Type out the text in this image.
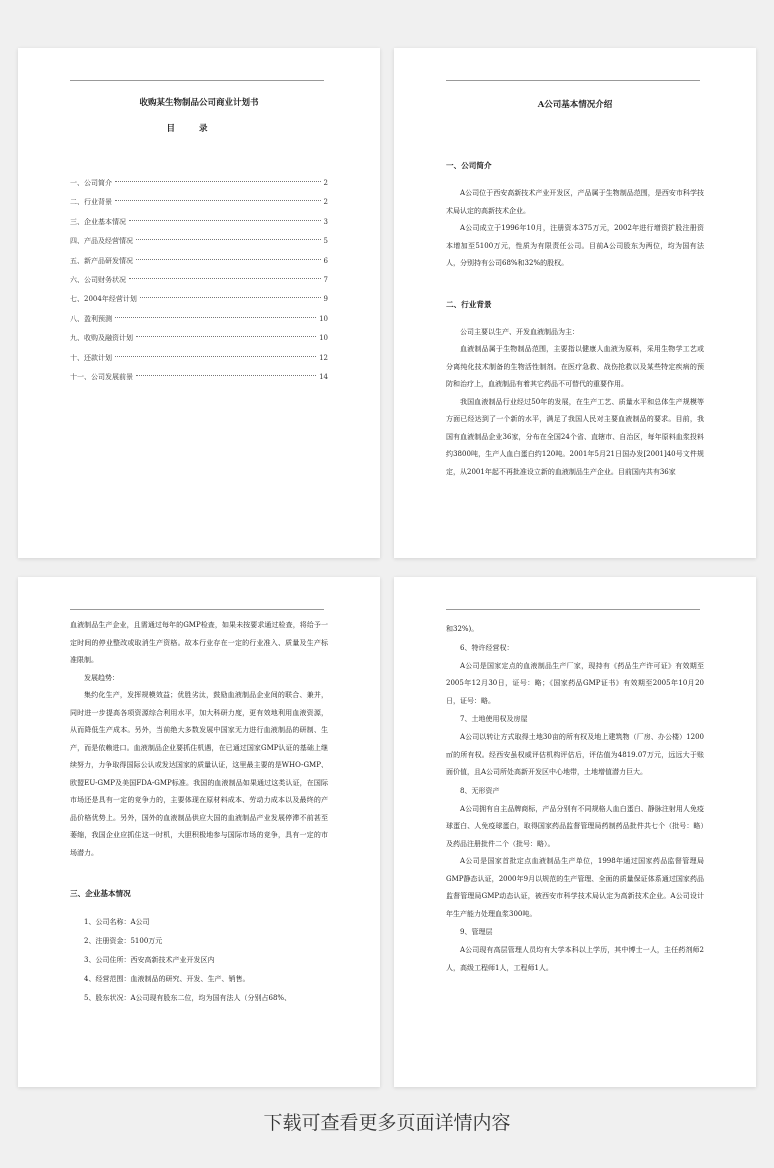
收购某生物制品公司商业计划书
目录
一、公司简介	2
二、行业背景	2
三、企业基本情况	3
四、产品及经营情况	5
五、新产品研发情况	6
六、公司财务状况	7
七、2004年经营计划	9
八、盈利预测	10
九、收购及融资计划	10
十、还款计划	12
十一、公司发展前景	14
A公司基本情况介绍
一、公司简介

A公司位于西安高新技术产业开发区，产品属于生物制品范围，是西安市科学技术局认定的高新技术企业。

A公司成立于1996年10月，注册资本375万元，2002年进行增资扩股注册资本增加至5100万元，性质为有限责任公司。目前A公司股东为两位，均为国有法人，分别持有公司68%和32%的股权。

二、行业背景

公司主要以生产、开发血液制品为主：

血液制品属于生物制品范围，主要指以健康人血液为原料，采用生物学工艺或分离纯化技术制备的生物活性制剂。在医疗急救、战伤抢救以及某些特定疾病的预防和治疗上，血液制品有着其它药品不可替代的重要作用。

我国血液制品行业经过50年的发展，在生产工艺、质量水平和总体生产规模等方面已经达到了一个新的水平，满足了我国人民对主要血液制品的要求。目前，我国有血液制品企业36家，分布在全国24个省、直辖市、自治区，每年原料血浆投料约3800吨，生产人血白蛋白约120吨。2001年5月21日国办发[2001]40号文件规定，从2001年起不再批准设立新的血液制品生产企业。目前国内共有36家

血液制品生产企业，且需通过每年的GMP检查，如果未按要求通过检查，将给予一定时间的停业整改或取消生产资格。故本行业存在一定的行业准入、质量及生产标准限制。

发展趋势：

集约化生产，发挥规模效益；优胜劣汰，鼓励血液制品企业间的联合、兼并，同时进一步提高各项资源综合利用水平，加大科研力度，更有效地利用血液资源，从而降低生产成本。另外，当前绝大多数发展中国家无力进行血液制品的研制、生产，而是依赖进口。血液制品企业要抓住机遇，在已通过国家GMP认证的基础上继续努力，力争取得国际公认或发达国家的质量认证，这里最主要的是WHO-GMP、欧盟EU-GMP及美国FDA-GMP标准。我国的血液制品如果通过这类认证，在国际市场还是具有一定的竞争力的，主要体现在原材料成本、劳动力成本以及最终的产品价格优势上。另外，国外的血液制品供应大国的血液制品产业发展停滞不前甚至萎缩，我国企业应抓住这一时机，大胆积极地参与国际市场的竞争，具有一定的市场潜力。

三、企业基本情况

1、公司名称：A公司

2、注册资金：5100万元

3、公司住所：西安高新技术产业开发区内

4、经营范围：血液制品的研究、开发、生产、销售。

5、股东状况：A公司现有股东二位，均为国有法人（分别占68%、

和32%)。

6、特许经营权：

A公司是国家定点的血液制品生产厂家，现持有《药品生产许可证》有效期至2005年12月30日，证号：略；《国家药品GMP证书》有效期至2005年10月20日，证号：略。

7、土地使用权及房屋

A公司以转让方式取得土地30亩的所有权及地上建筑物（厂房、办公楼）1200㎡的所有权。经西安虽权威评估机构评估后，评估值为4819.07万元，远远大于账面价值，且A公司所处高新开发区中心地带，土地增值潜力巨大。

8、无形资产

A公司拥有自主品牌商标，产品分别有不同规格人血白蛋白、静脉注射用人免疫球蛋白、人免疫球蛋白，取得国家药品监督管理局药制药品批件共七个（批号：略）及药品注册批件二个（批号：略）。

A公司是国家首批定点血液制品生产单位，1998年通过国家药品监督管理局GMP静态认证，2000年9月以规范的生产管理、全面的质量保证体系通过国家药品监督管理局GMP动态认证，被西安市科学技术局认定为高新技术企业。A公司设计年生产能力处理血浆300吨。

9、管理层

A公司现有高层管理人员均有大学本科以上学历，其中博士一人，主任药剂师2人，高级工程师1人，工程师1人。

下载可查看更多页面详情内容
